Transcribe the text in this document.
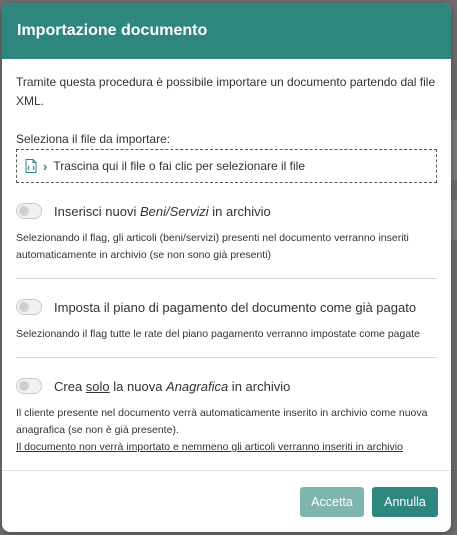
Importazione documento

Tramite questa procedura è possibile importare un documento partendo dal file XML.

Seleziona il file da importare:

› Trascina qui il file o fai clic per selezionare il file
Inserisci nuovi Beni/Servizi in archivio
Selezionando il flag, gli articoli (beni/servizi) presenti nel documento verranno inseriti automaticamente in archivio (se non sono già presenti)
Imposta il piano di pagamento del documento come già pagato
Selezionando il flag tutte le rate del piano pagamento verranno impostate come pagate
Crea solo la nuova Anagrafica in archivio
Il cliente presente nel documento verrà automaticamente inserito in archivio come nuova anagrafica (se non è già presente).
Il documento non verrà importato e nemmeno gli articoli verranno inseriti in archivio
Accetta	Annulla
